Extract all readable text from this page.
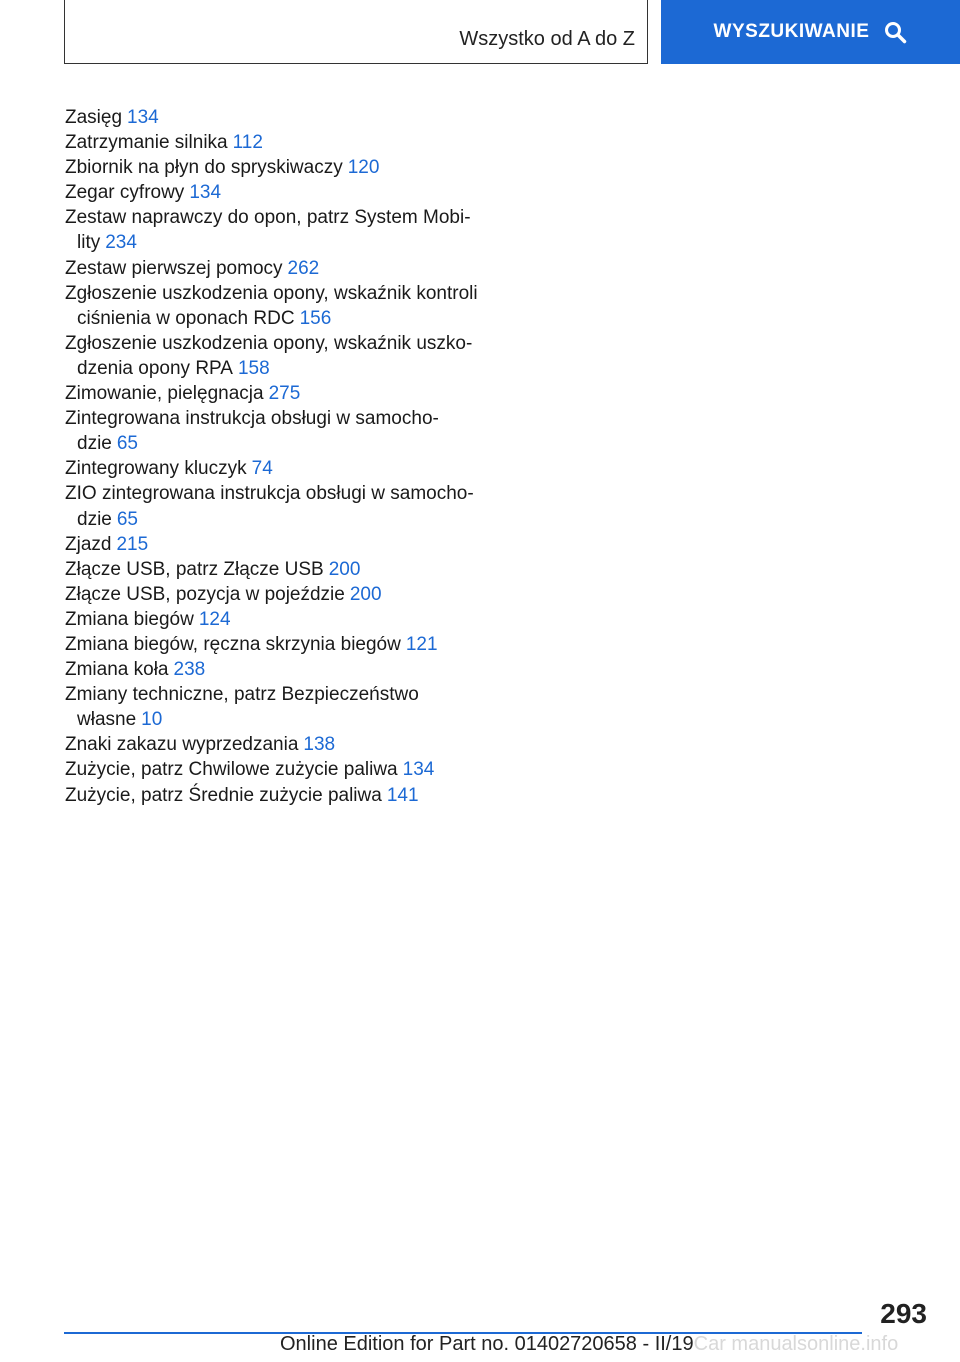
Wszystko od A do Z	WYSZUKIWANIE
Zasięg 134
Zatrzymanie silnika 112
Zbiornik na płyn do spryskiwaczy 120
Zegar cyfrowy 134
Zestaw naprawczy do opon, patrz System Mobility 234
Zestaw pierwszej pomocy 262
Zgłoszenie uszkodzenia opony, wskaźnik kontroli ciśnienia w oponach RDC 156
Zgłoszenie uszkodzenia opony, wskaźnik uszkodzenia opony RPA 158
Zimowanie, pielęgnacja 275
Zintegrowana instrukcja obsługi w samochodzie 65
Zintegrowany kluczyk 74
ZIO zintegrowana instrukcja obsługi w samochodzie 65
Zjazd 215
Złącze USB, patrz Złącze USB 200
Złącze USB, pozycja w pojeździe 200
Zmiana biegów 124
Zmiana biegów, ręczna skrzynia biegów 121
Zmiana koła 238
Zmiany techniczne, patrz Bezpieczeństwo własne 10
Znaki zakazu wyprzedzania 138
Zużycie, patrz Chwilowe zużycie paliwa 134
Zużycie, patrz Średnie zużycie paliwa 141
293
Online Edition for Part no. 01402720658 - II/19Car manualsonline.info
